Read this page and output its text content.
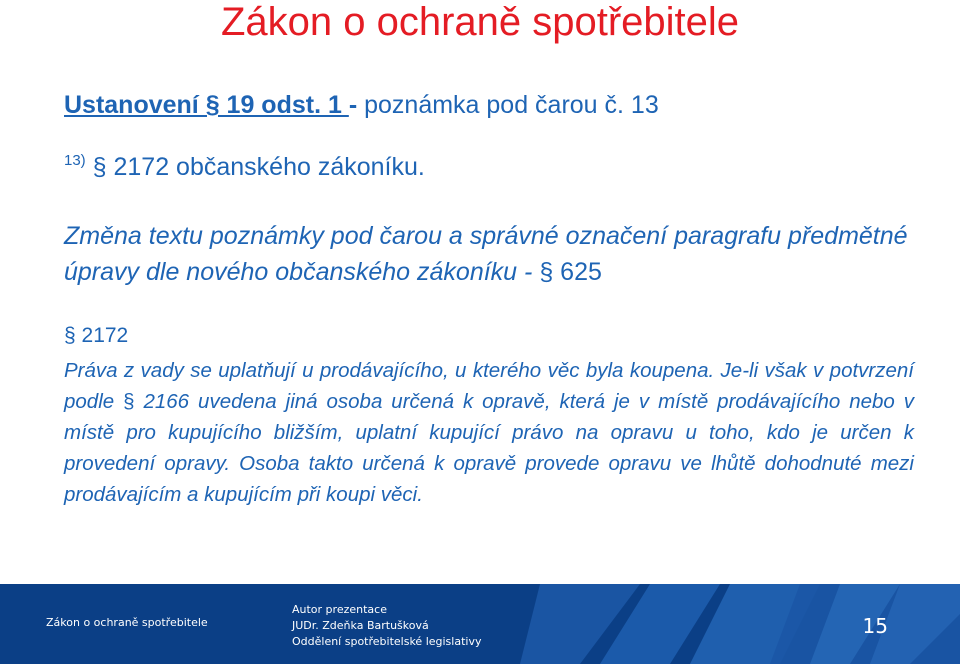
Zákon o ochraně spotřebitele
Ustanovení § 19 odst. 1 - poznámka pod čarou č. 13
$^{13)}$ § 2172 občanského zákoníku.
Změna textu poznámky pod čarou a správné označení paragrafu předmětné úpravy dle nového občanského zákoníku - § 625
§ 2172
Práva z vady se uplatňují u prodávajícího, u kterého věc byla koupena. Je-li však v potvrzení podle § 2166 uvedena jiná osoba určená k opravě, která je v místě prodávajícího nebo v místě pro kupujícího bližším, uplatní kupující právo na opravu u toho, kdo je určen k provedení opravy. Osoba takto určená k opravě provede opravu ve lhůtě dohodnuté mezi prodávajícím a kupujícím při koupi věci.
Zákon o ochraně spotřebitele
Autor prezentace
JUDr. Zdeňka Bartušková
Oddělení spotřebitelské legislativy
15
